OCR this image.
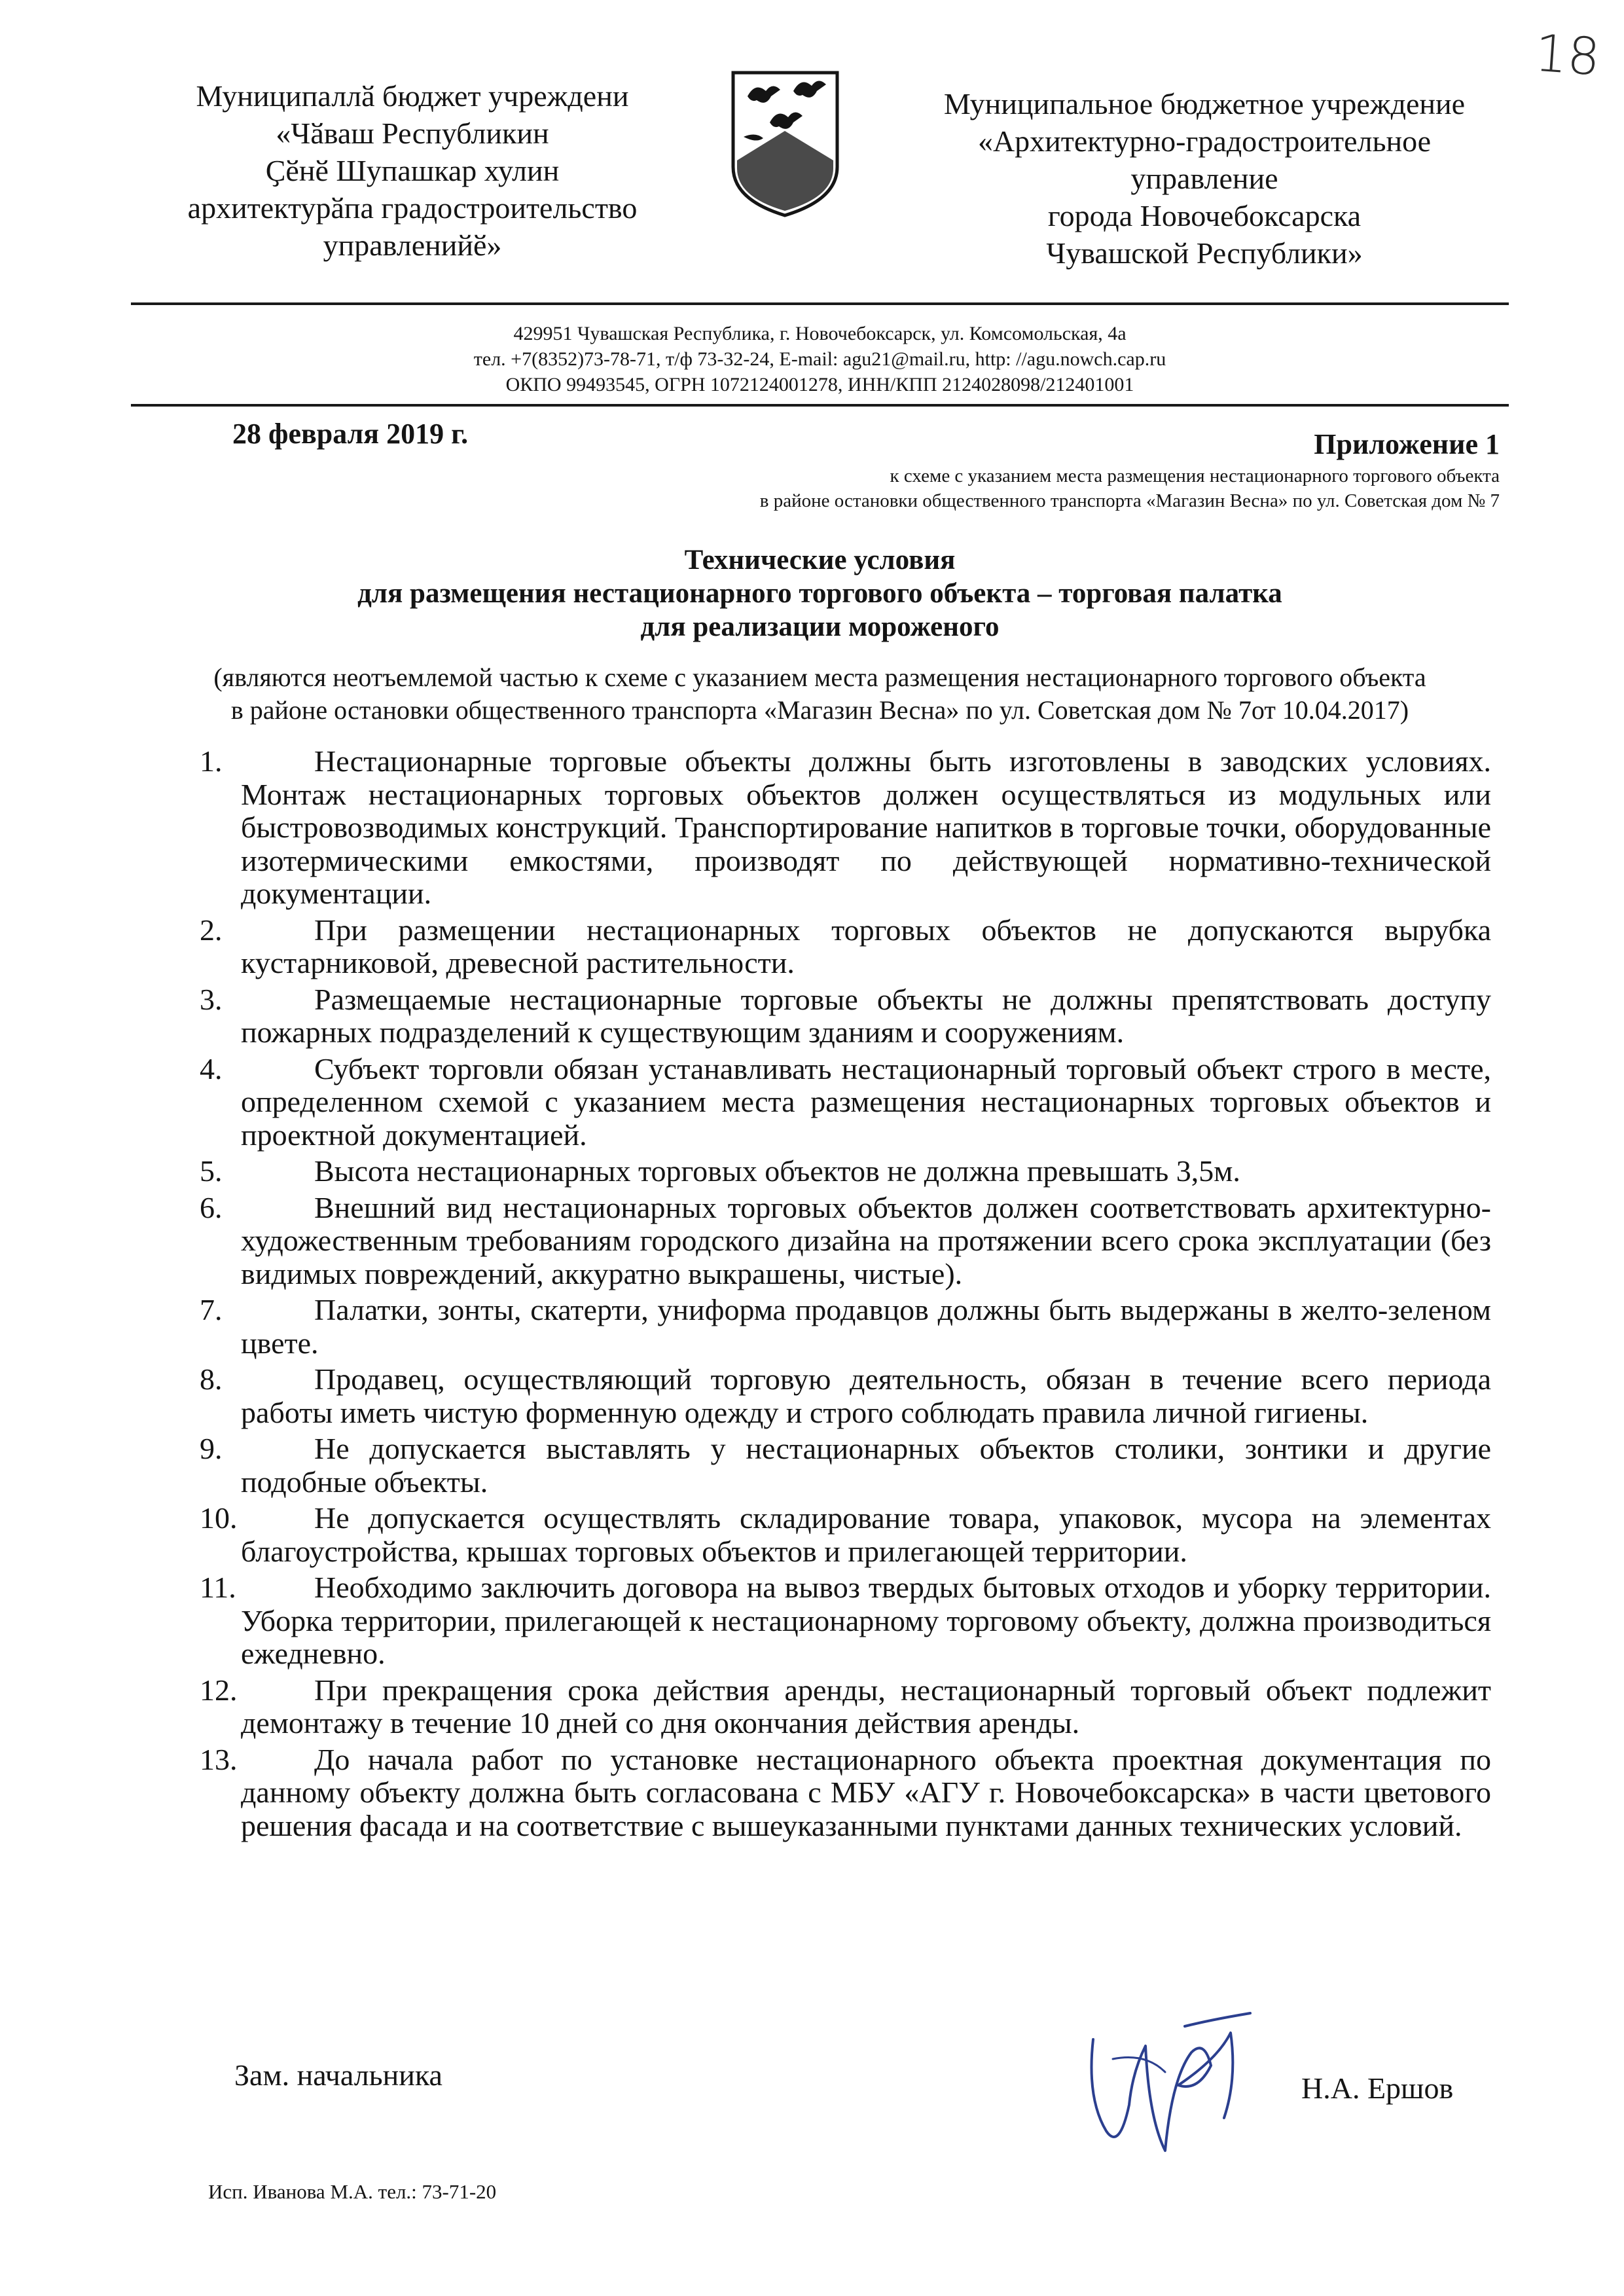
18
Муниципаллӑ бюджет учреждени
«Чӑваш Республикин
Ҫӗнӗ Шупашкар хулин
архитектурӑпа градостроительство
управленийӗ»
Муниципальное бюджетное учреждение
«Архитектурно-градостроительное
управление
города Новочебоксарска
Чувашской Республики»
429951 Чувашская Республика, г. Новочебоксарск, ул. Комсомольская, 4а
тел. +7(8352)73-78-71, т/ф 73-32-24, E-mail: agu21@mail.ru, http: //agu.nowch.cap.ru
ОКПО 99493545, ОГРН 1072124001278, ИНН/КПП 2124028098/212401001
28 февраля 2019 г.	Приложение 1
к схеме с указанием места размещения нестационарного торгового объекта
в районе остановки общественного транспорта «Магазин Весна» по ул. Советская дом № 7
Технические условия
для размещения нестационарного торгового объекта – торговая палатка
для реализации мороженого
(являются неотъемлемой частью к схеме с указанием места размещения нестационарного торгового объекта
в районе остановки общественного транспорта «Магазин Весна» по ул. Советская дом № 7от 10.04.2017)
1.	Нестационарные торговые объекты должны быть изготовлены в заводских условиях. Монтаж нестационарных торговых объектов должен осуществляться из модульных или быстровозводимых конструкций. Транспортирование напитков в торговые точки, оборудованные изотермическими емкостями, производят по действующей нормативно-технической документации.
2.	При размещении нестационарных торговых объектов не допускаются вырубка кустарниковой, древесной растительности.
3.	Размещаемые нестационарные торговые объекты не должны препятствовать доступу пожарных подразделений к существующим зданиям и сооружениям.
4.	Субъект торговли обязан устанавливать нестационарный торговый объект строго в месте, определенном схемой с указанием места размещения нестационарных торговых объектов и проектной документацией.
5.	Высота нестационарных торговых объектов не должна превышать 3,5м.
6.	Внешний вид нестационарных торговых объектов должен соответствовать архитектурно-художественным требованиям городского дизайна на протяжении всего срока эксплуатации (без видимых повреждений, аккуратно выкрашены, чистые).
7.	Палатки, зонты, скатерти, униформа продавцов должны быть выдержаны в желто-зеленом цвете.
8.	Продавец, осуществляющий торговую деятельность, обязан в течение всего периода работы иметь чистую форменную одежду и строго соблюдать правила личной гигиены.
9.	Не допускается выставлять у нестационарных объектов столики, зонтики и другие подобные объекты.
10.	Не допускается осуществлять складирование товара, упаковок, мусора на элементах благоустройства, крышах торговых объектов и прилегающей территории.
11.	Необходимо заключить договора на вывоз твердых бытовых отходов и уборку территории. Уборка территории, прилегающей к нестационарному торговому объекту, должна производиться ежедневно.
12.	При прекращения срока действия аренды, нестационарный торговый объект подлежит демонтажу в течение 10 дней со дня окончания действия аренды.
13.	До начала работ по установке нестационарного объекта проектная документация по данному объекту должна быть согласована с МБУ «АГУ г. Новочебоксарска» в части цветового решения фасада и на соответствие с вышеуказанными пунктами данных технических условий.
Зам. начальника	Н.А. Ершов
Исп. Иванова М.А. тел.: 73-71-20
